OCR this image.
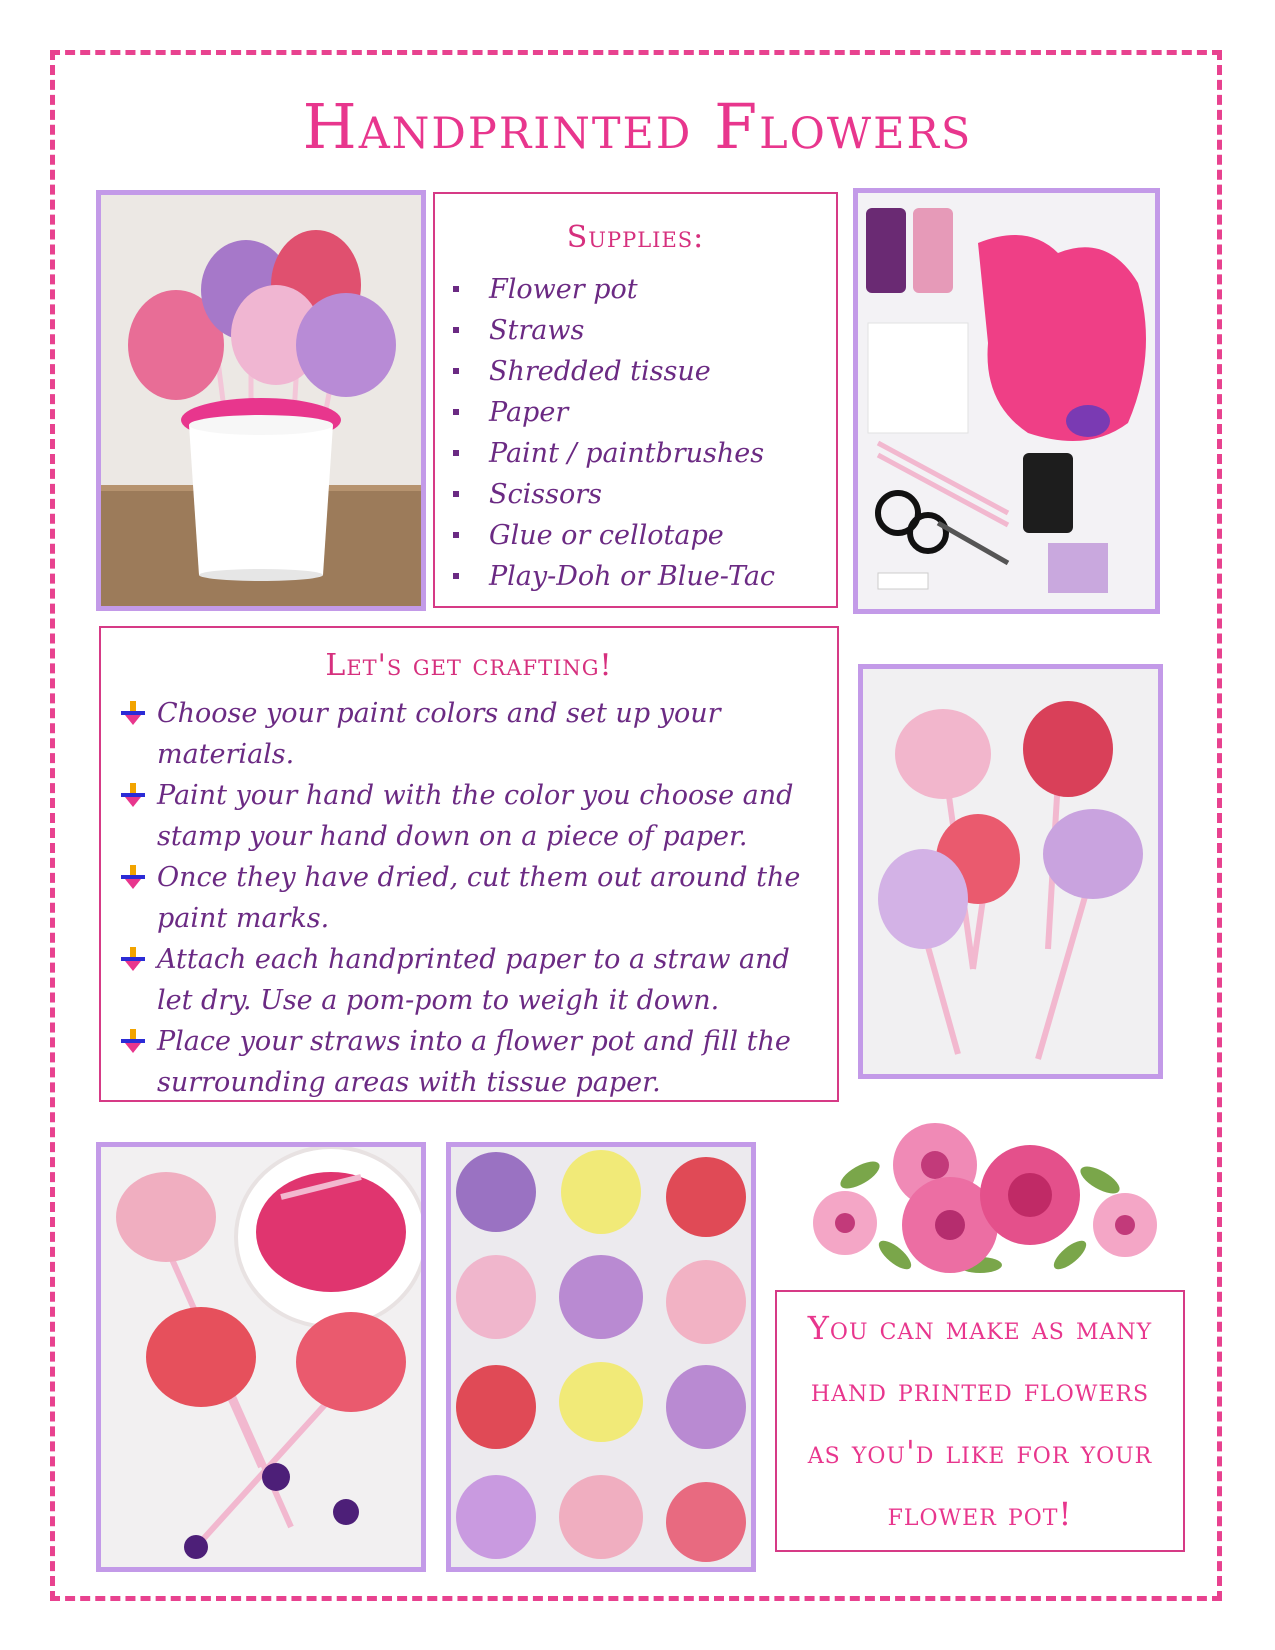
Handprinted Flowers
Supplies:
Flower pot
Straws
Shredded tissue
Paper
Paint / paintbrushes
Scissors
Glue or cellotape
Play-Doh or Blue-Tac
Let's get crafting!
Choose your paint colors and set up your materials.
Paint your hand with the color you choose and stamp your hand down on a piece of paper.
Once they have dried, cut them out around the paint marks.
Attach each handprinted paper to a straw and let dry. Use a pom-pom to weigh it down.
Place your straws into a flower pot and fill the surrounding areas with tissue paper.

You can make as many hand printed flowers as you'd like for your flower pot!
